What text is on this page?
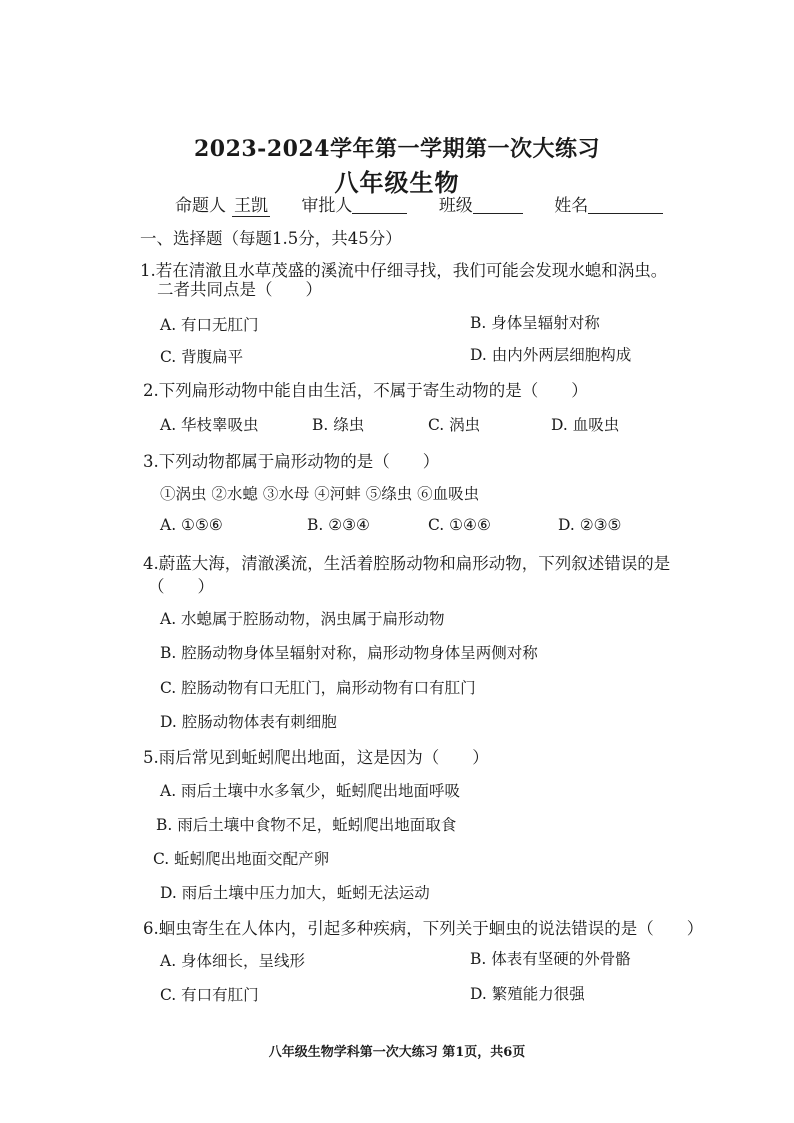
2023-2024学年第一学期第一次大练习
八年级生物
命题人 王凯 审批人	班级	姓名
一、选择题（每题1.5分，共45分）
1.若在清澈且水草茂盛的溪流中仔细寻找，我们可能会发现水螅和涡虫。
二者共同点是（　　）
A. 有口无肛门	B. 身体呈辐射对称
C. 背腹扁平	D. 由内外两层细胞构成
2.下列扁形动物中能自由生活，不属于寄生动物的是（　　）
A. 华枝睾吸虫	B. 绦虫	C. 涡虫	D. 血吸虫
3.下列动物都属于扁形动物的是（　　）
①涡虫 ②水螅 ③水母 ④河蚌 ⑤绦虫 ⑥血吸虫
A. ①⑤⑥	B. ②③④	C. ①④⑥	D. ②③⑤
4.蔚蓝大海，清澈溪流，生活着腔肠动物和扁形动物，下列叙述错误的是
（　　）
A. 水螅属于腔肠动物，涡虫属于扁形动物
B. 腔肠动物身体呈辐射对称，扁形动物身体呈两侧对称
C. 腔肠动物有口无肛门，扁形动物有口有肛门
D. 腔肠动物体表有刺细胞
5.雨后常见到蚯蚓爬出地面，这是因为（　　）
A. 雨后土壤中水多氧少，蚯蚓爬出地面呼吸
B. 雨后土壤中食物不足，蚯蚓爬出地面取食
C. 蚯蚓爬出地面交配产卵
D. 雨后土壤中压力加大，蚯蚓无法运动
6.蛔虫寄生在人体内，引起多种疾病，下列关于蛔虫的说法错误的是（　　）
A. 身体细长，呈线形	B. 体表有坚硬的外骨骼
C. 有口有肛门	D. 繁殖能力很强
八年级生物学科第一次大练习 第1页，共6页
